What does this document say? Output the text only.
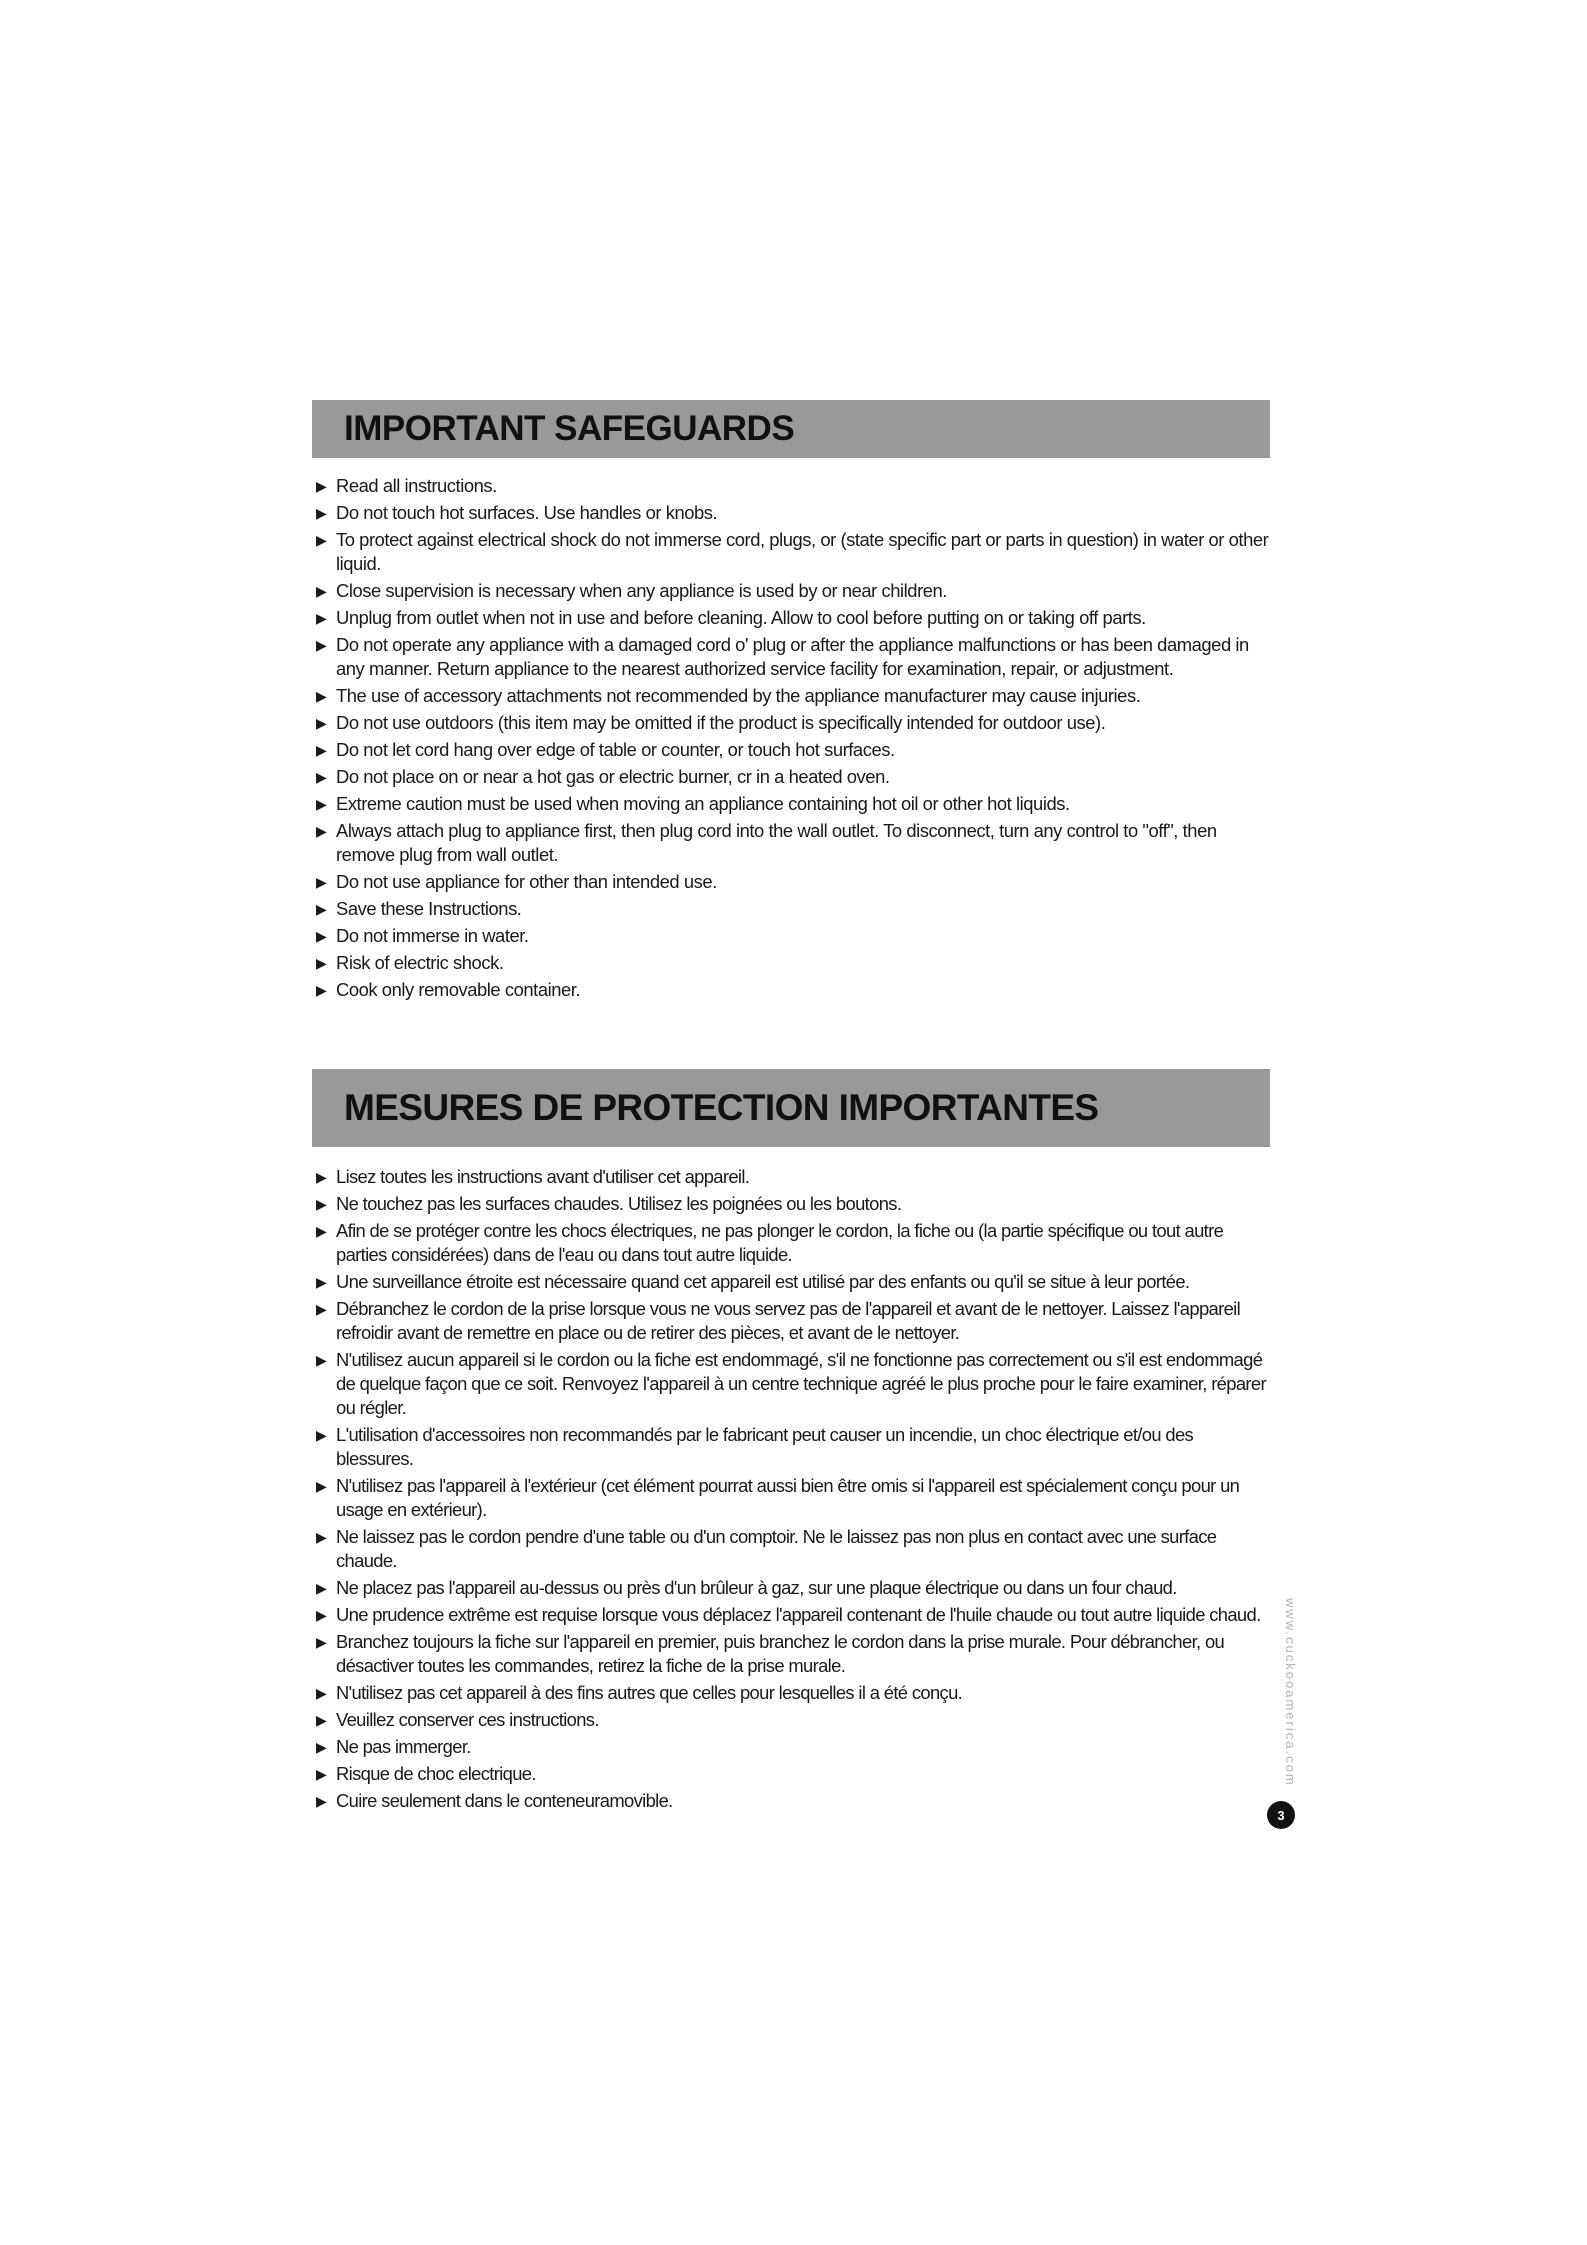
IMPORTANT SAFEGUARDS
▶ Read all instructions.
▶ Do not touch hot surfaces. Use handles or knobs.
▶ To protect against electrical shock do not immerse cord, plugs, or (state specific part or parts in question) in water or other liquid.
▶ Close supervision is necessary when any appliance is used by or near children.
▶ Unplug from outlet when not in use and before cleaning. Allow to cool before putting on or taking off parts.
▶ Do not operate any appliance with a damaged cord o' plug or after the appliance malfunctions or has been damaged in any manner. Return appliance to the nearest authorized service facility for examination, repair, or adjustment.
▶ The use of accessory attachments not recommended by the appliance manufacturer may cause injuries.
▶ Do not use outdoors (this item may be omitted if the product is specifically intended for outdoor use).
▶ Do not let cord hang over edge of table or counter, or touch hot surfaces.
▶ Do not place on or near a hot gas or electric burner, cr in a heated oven.
▶ Extreme caution must be used when moving an appliance containing hot oil or other hot liquids.
▶ Always attach plug to appliance first, then plug cord into the wall outlet. To disconnect, turn any control to "off", then remove plug from wall outlet.
▶ Do not use appliance for other than intended use.
▶ Save these Instructions.
▶ Do not immerse in water.
▶ Risk of electric shock.
▶ Cook only removable container.
MESURES DE PROTECTION IMPORTANTES
▶ Lisez toutes les instructions avant d'utiliser cet appareil.
▶ Ne touchez pas les surfaces chaudes. Utilisez les poignées ou les boutons.
▶ Afin de se protéger contre les chocs électriques, ne pas plonger le cordon, la fiche ou (la partie spécifique ou tout autre parties considérées) dans de l'eau ou dans tout autre liquide.
▶ Une surveillance étroite est nécessaire quand cet appareil est utilisé par des enfants ou qu'il se situe à leur portée.
▶ Débranchez le cordon de la prise lorsque vous ne vous servez pas de l'appareil et avant de le nettoyer. Laissez l'appareil refroidir avant de remettre en place ou de retirer des pièces, et avant de le nettoyer.
▶ N'utilisez aucun appareil si le cordon ou la fiche est endommagé, s'il ne fonctionne pas correctement ou s'il est endommagé de quelque façon que ce soit. Renvoyez l'appareil à un centre technique agréé le plus proche pour le faire examiner, réparer ou régler.
▶ L'utilisation d'accessoires non recommandés par le fabricant peut causer un incendie, un choc électrique et/ou des blessures.
▶ N'utilisez pas l'appareil à l'extérieur (cet élément pourrat aussi bien être omis si l'appareil est spécialement conçu pour un usage en extérieur).
▶ Ne laissez pas le cordon pendre d'une table ou d'un comptoir. Ne le laissez pas non plus en contact avec une surface chaude.
▶ Ne placez pas l'appareil au-dessus ou près d'un brûleur à gaz, sur une plaque électrique ou dans un four chaud.
▶ Une prudence extrême est requise lorsque vous déplacez l'appareil contenant de l'huile chaude ou tout autre liquide chaud.
▶ Branchez toujours la fiche sur l'appareil en premier, puis branchez le cordon dans la prise murale. Pour débrancher, ou désactiver toutes les commandes, retirez la fiche de la prise murale.
▶ N'utilisez pas cet appareil à des fins autres que celles pour lesquelles il a été conçu.
▶ Veuillez conserver ces instructions.
▶ Ne pas immerger.
▶ Risque de choc electrique.
▶ Cuire seulement dans le conteneuramovible.
www.cuckooamerica.com
3
